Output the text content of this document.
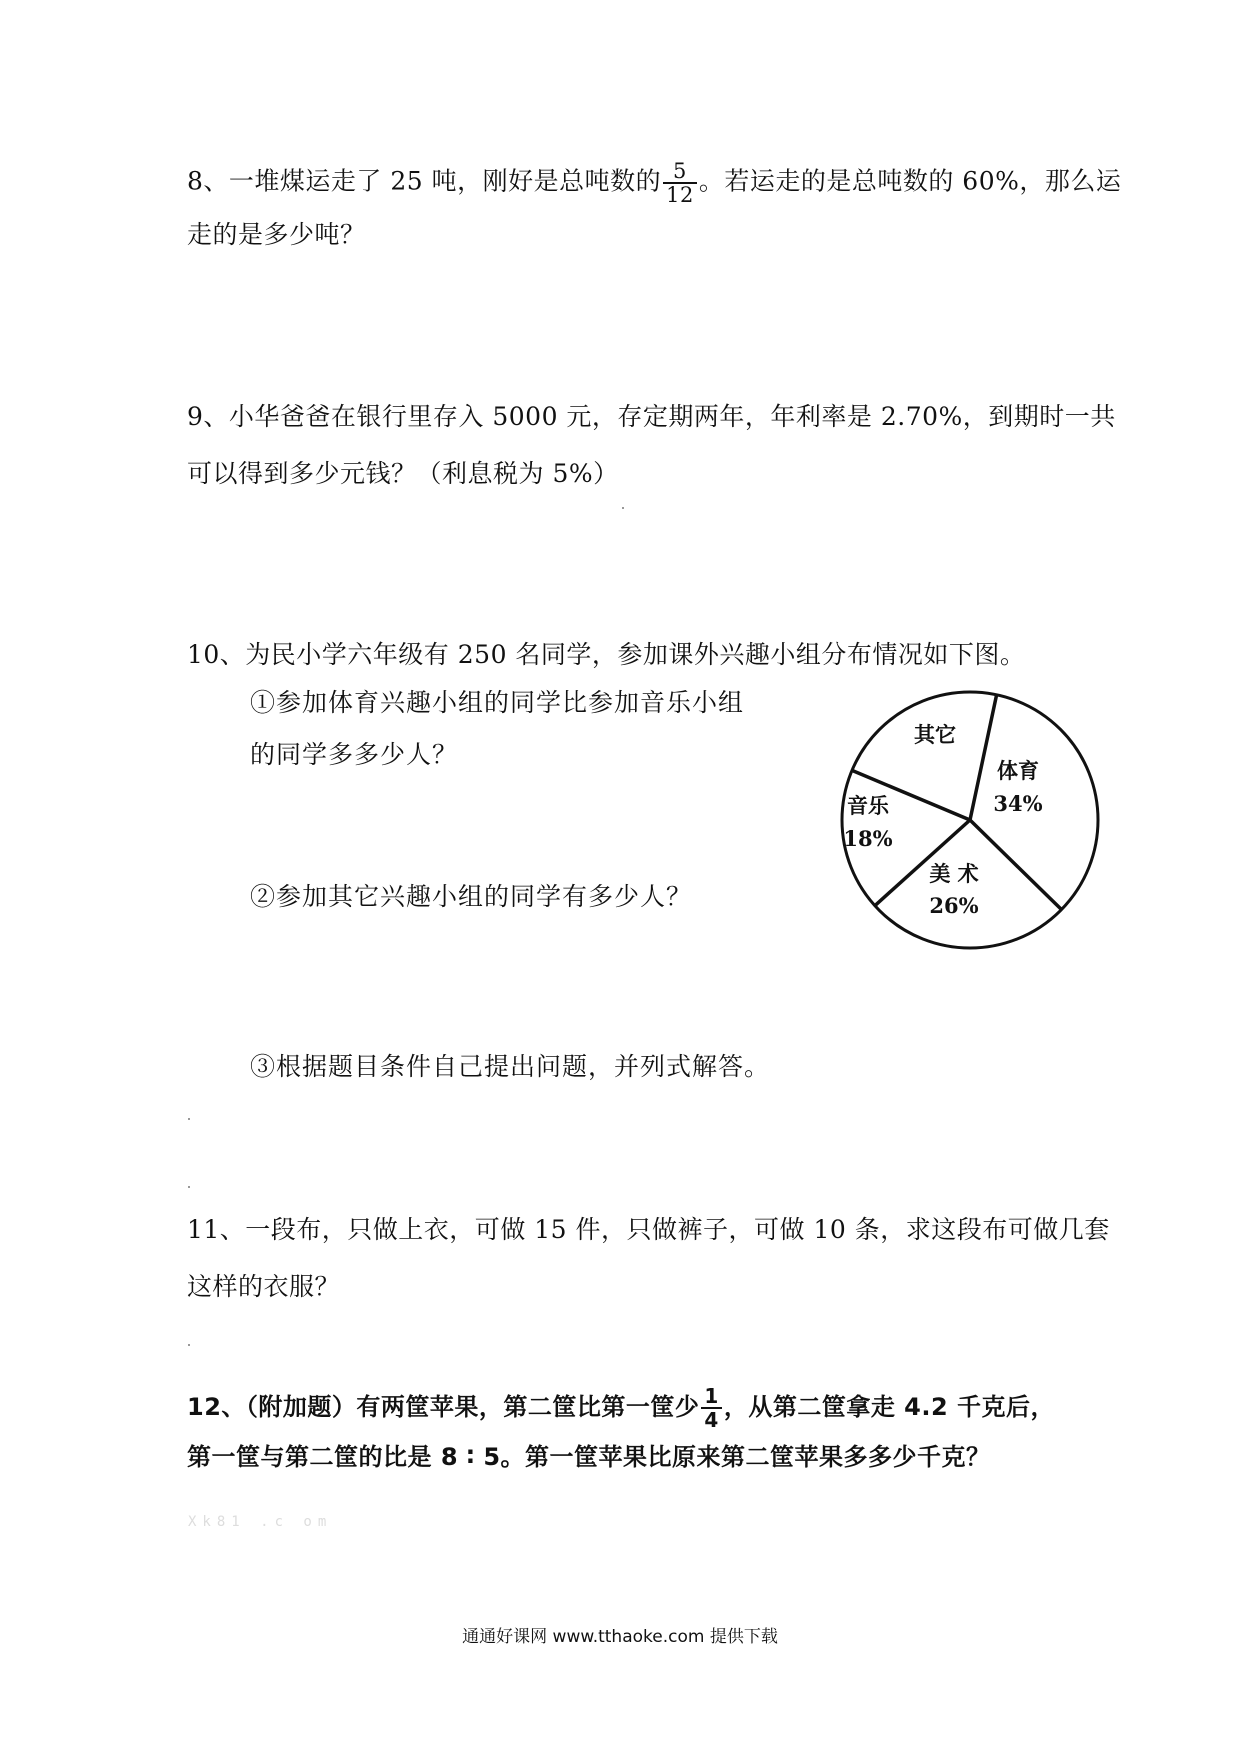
8、一堆煤运走了 25 吨，刚好是总吨数的 $\frac{5}{12}$ 。若运走的是总吨数的 60%，那么运
走的是多少吨？
9、小华爸爸在银行里存入 5000 元，存定期两年，年利率是 2.70%，到期时一共
可以得到多少元钱？（利息税为 5%）
10、为民小学六年级有 250 名同学，参加课外兴趣小组分布情况如下图。
①参加体育兴趣小组的同学比参加音乐小组
的同学多多少人？
②参加其它兴趣小组的同学有多少人？
③根据题目条件自己提出问题，并列式解答。
其它
体育
34%
音乐
18%
美 术
26%
11、一段布，只做上衣，可做 15 件，只做裤子，可做 10 条，求这段布可做几套
这样的衣服？
12、（附加题）有两筐苹果，第二筐比第一筐少 $\frac{1}{4}$ ，从第二筐拿走 4.2 千克后，
第一筐与第二筐的比是 8 ∶ 5。第一筐苹果比原来第二筐苹果多多少千克？
Xk81 .c om
通通好课网 www.tthaoke.com 提供下载
